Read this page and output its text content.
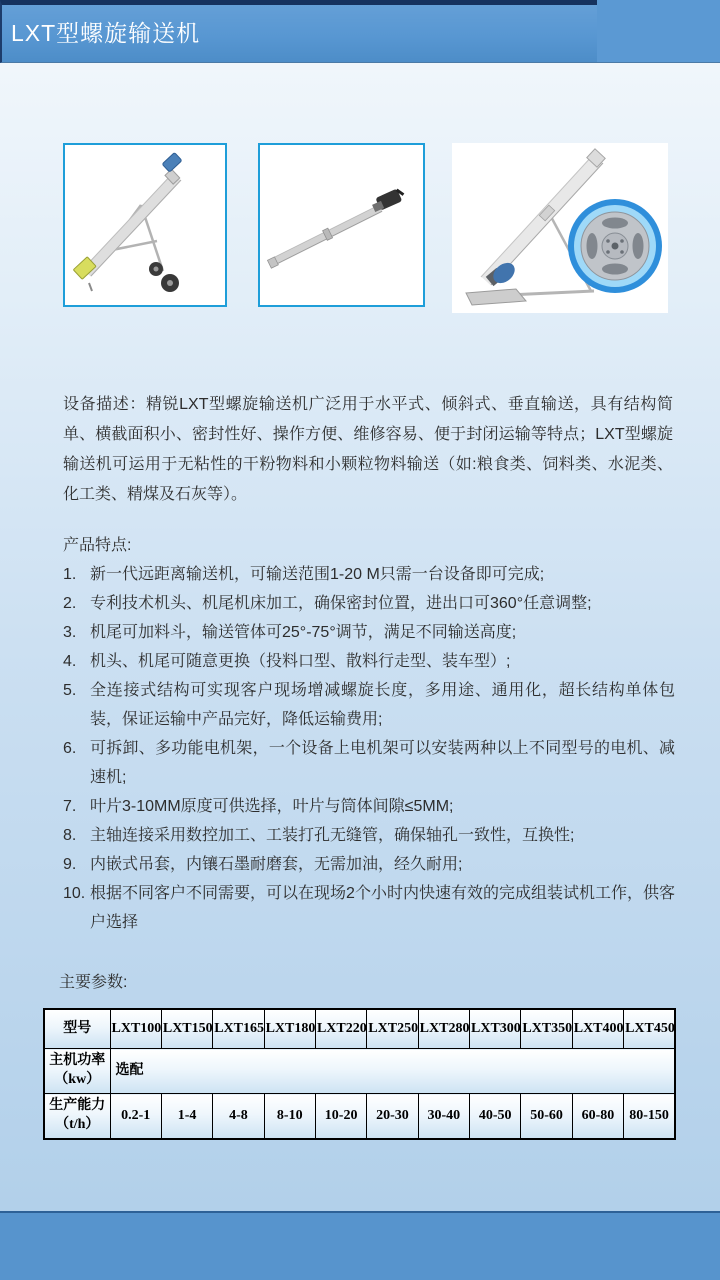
LXT型螺旋输送机

设备描述：精锐LXT型螺旋输送机广泛用于水平式、倾斜式、垂直输送，具有结构简单、横截面积小、密封性好、操作方便、维修容易、便于封闭运输等特点；LXT型螺旋输送机可运用于无粘性的干粉物料和小颗粒物料输送（如:粮食类、饲料类、水泥类、化工类、精煤及石灰等）。

产品特点:
1. 新一代远距离输送机，可输送范围1-20 M只需一台设备即可完成;
2. 专利技术机头、机尾机床加工，确保密封位置，进出口可360°任意调整;
3. 机尾可加料斗，输送管体可25°-75°调节，满足不同输送高度;
4. 机头、机尾可随意更换（投料口型、散料行走型、装车型）;
5. 全连接式结构可实现客户现场增减螺旋长度，多用途、通用化，超长结构单体包装，保证运输中产品完好，降低运输费用;
6. 可拆卸、多功能电机架，一个设备上电机架可以安装两种以上不同型号的电机、减速机;
7. 叶片3-10MM原度可供选择，叶片与筒体间隙≤5MM;
8. 主轴连接采用数控加工、工装打孔无缝管，确保轴孔一致性，互换性;
9. 内嵌式吊套，内镶石墨耐磨套，无需加油，经久耐用;
10. 根据不同客户不同需要，可以在现场2个小时内快速有效的完成组装试机工作，供客户选择
主要参数:
型号	LXT100	LXT150	LXT165	LXT180	LXT220	LXT250	LXT280	LXT300	LXT350	LXT400	LXT450
主机功率（kw）	选配										
生产能力（t/h）	0.2-1	1-4	4-8	8-10	10-20	20-30	30-40	40-50	50-60	60-80	80-150
